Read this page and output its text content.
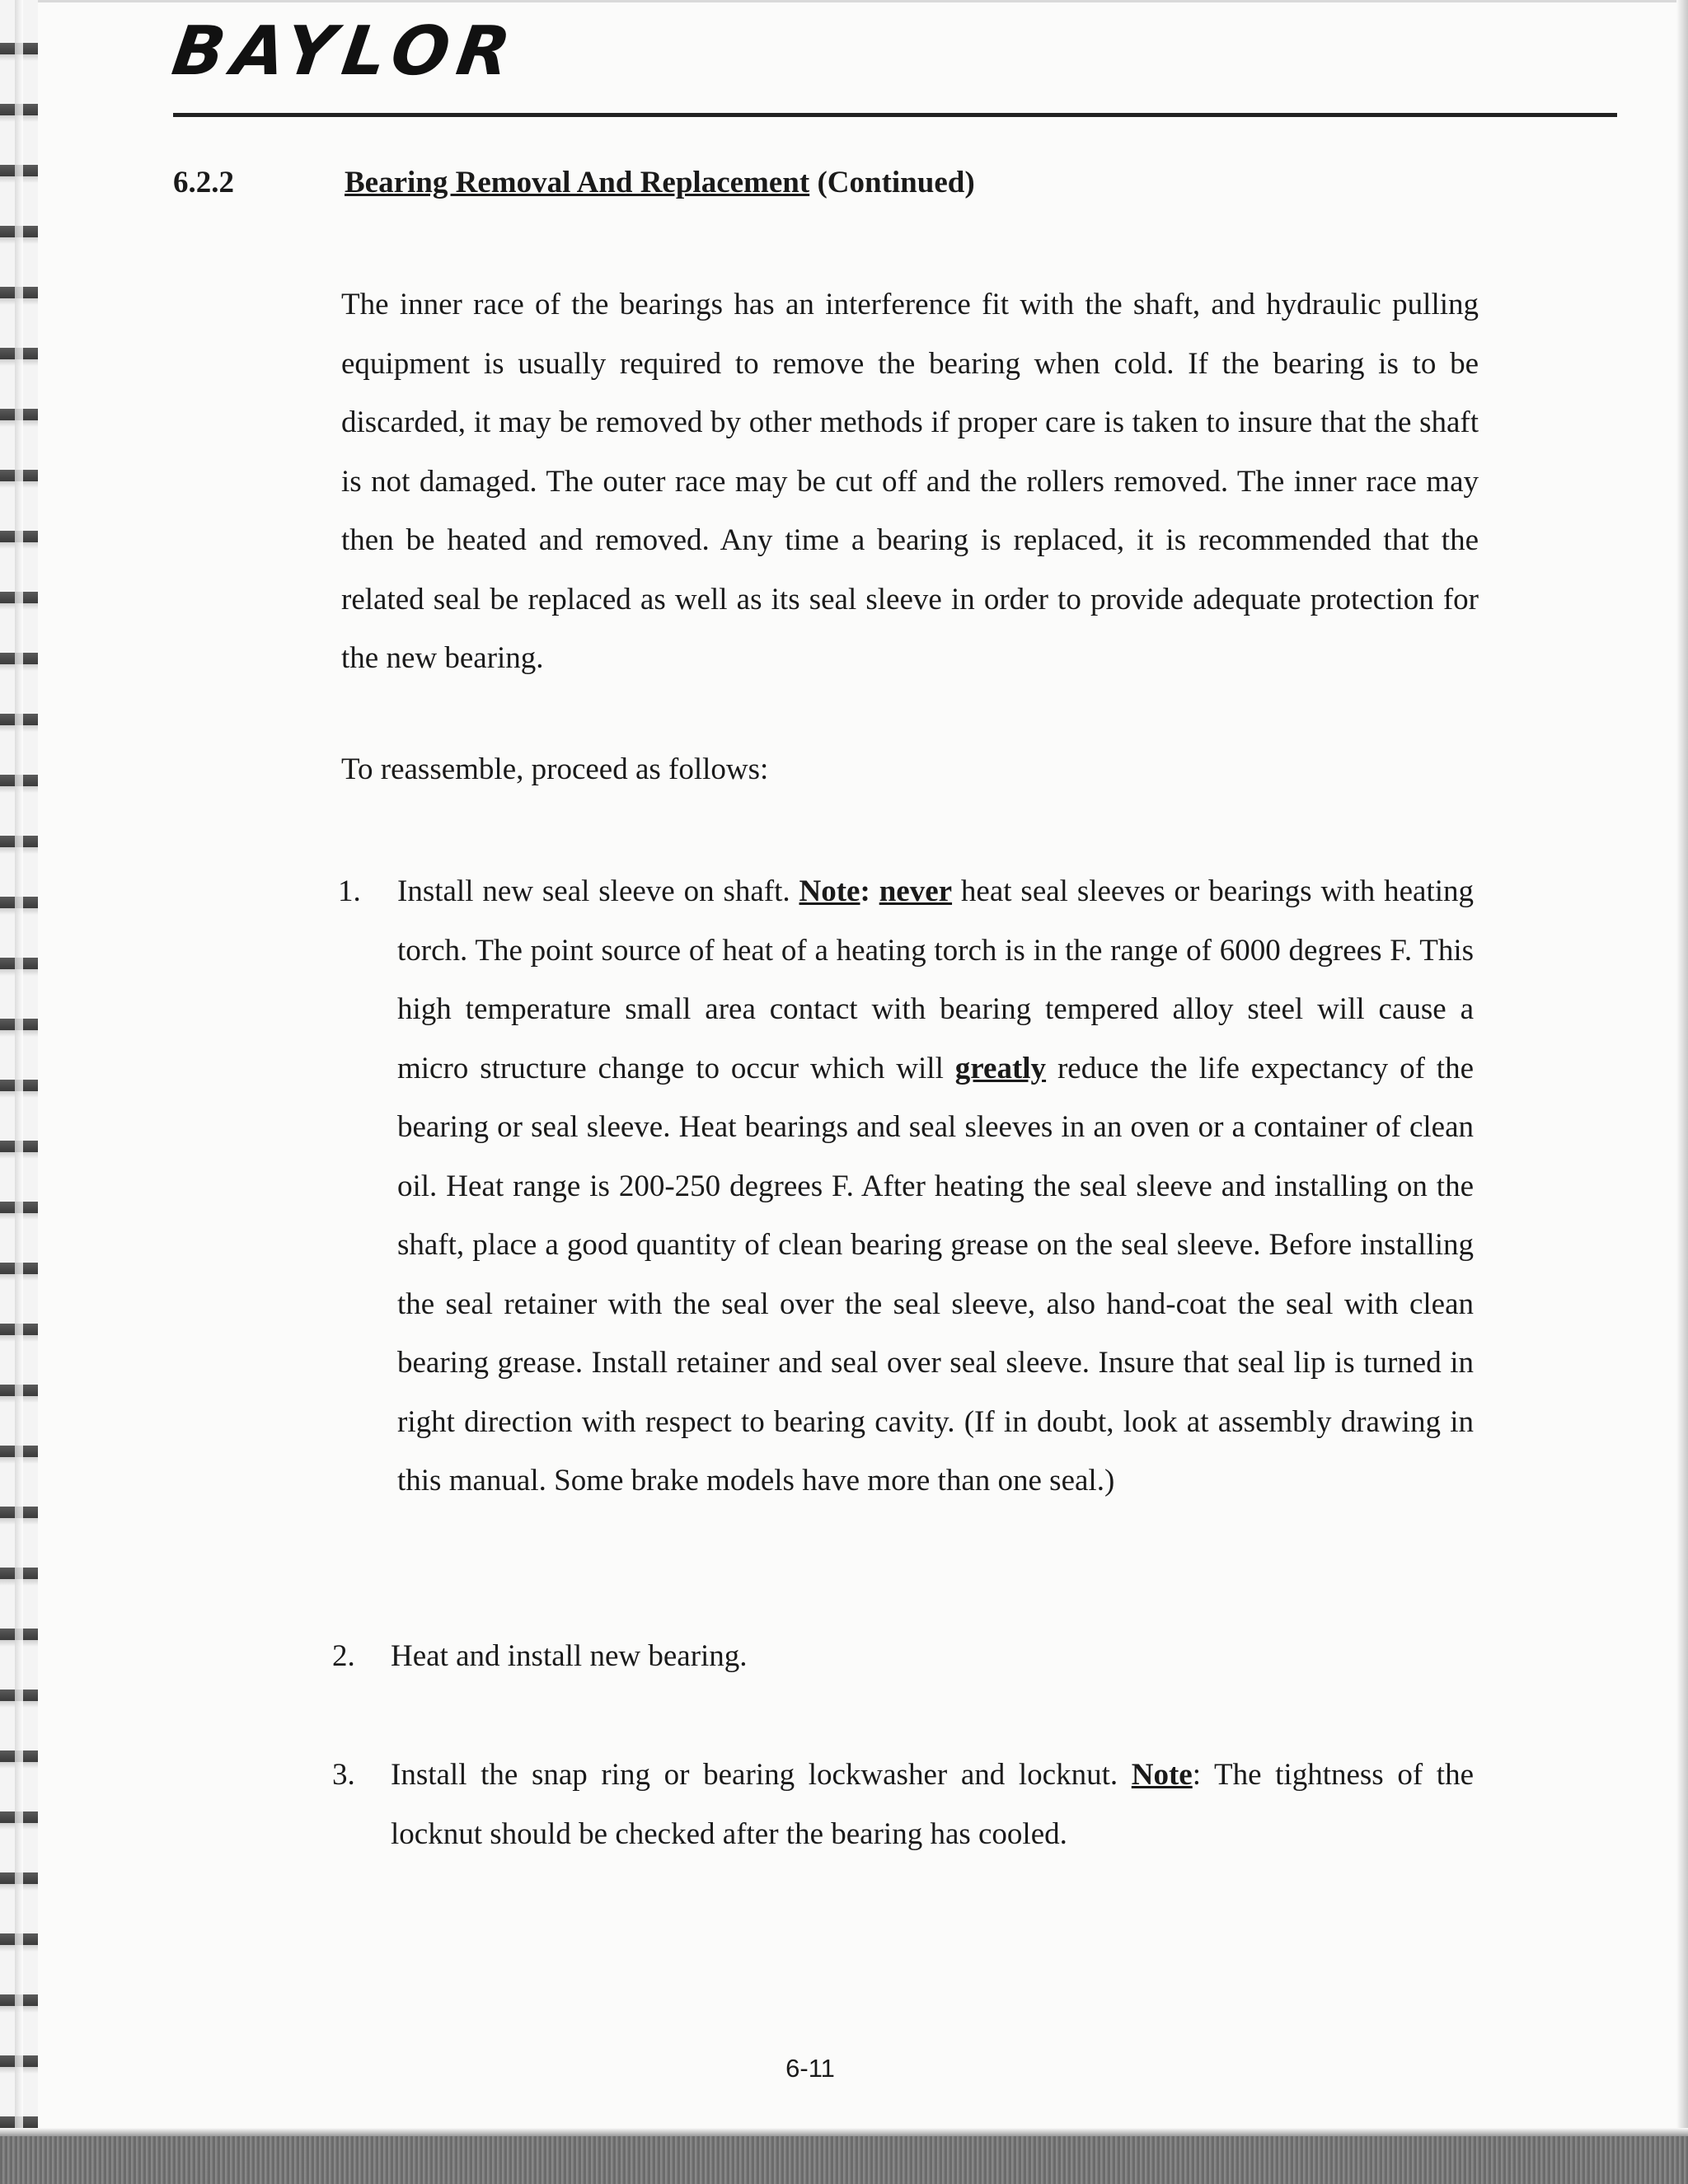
BAYLOR
6.2.2	Bearing Removal And Replacement (Continued)
The inner race of the bearings has an interference fit with the shaft, and hydraulic pulling equipment is usually required to remove the bearing when cold. If the bearing is to be discarded, it may be removed by other methods if proper care is taken to insure that the shaft is not damaged. The outer race may be cut off and the rollers removed. The inner race may then be heated and removed. Any time a bearing is replaced, it is recommended that the related seal be replaced as well as its seal sleeve in order to provide adequate protection for the new bearing.
To reassemble, proceed as follows:
1. Install new seal sleeve on shaft. Note: never heat seal sleeves or bearings with heating torch. The point source of heat of a heating torch is in the range of 6000 degrees F. This high temperature small area contact with bearing tempered alloy steel will cause a micro structure change to occur which will greatly reduce the life expectancy of the bearing or seal sleeve. Heat bearings and seal sleeves in an oven or a container of clean oil. Heat range is 200-250 degrees F. After heating the seal sleeve and installing on the shaft, place a good quantity of clean bearing grease on the seal sleeve. Before installing the seal retainer with the seal over the seal sleeve, also hand-coat the seal with clean bearing grease. Install retainer and seal over seal sleeve. Insure that seal lip is turned in right direction with respect to bearing cavity. (If in doubt, look at assembly drawing in this manual. Some brake models have more than one seal.)
2. Heat and install new bearing.
3. Install the snap ring or bearing lockwasher and locknut. Note: The tightness of the locknut should be checked after the bearing has cooled.
6-11
